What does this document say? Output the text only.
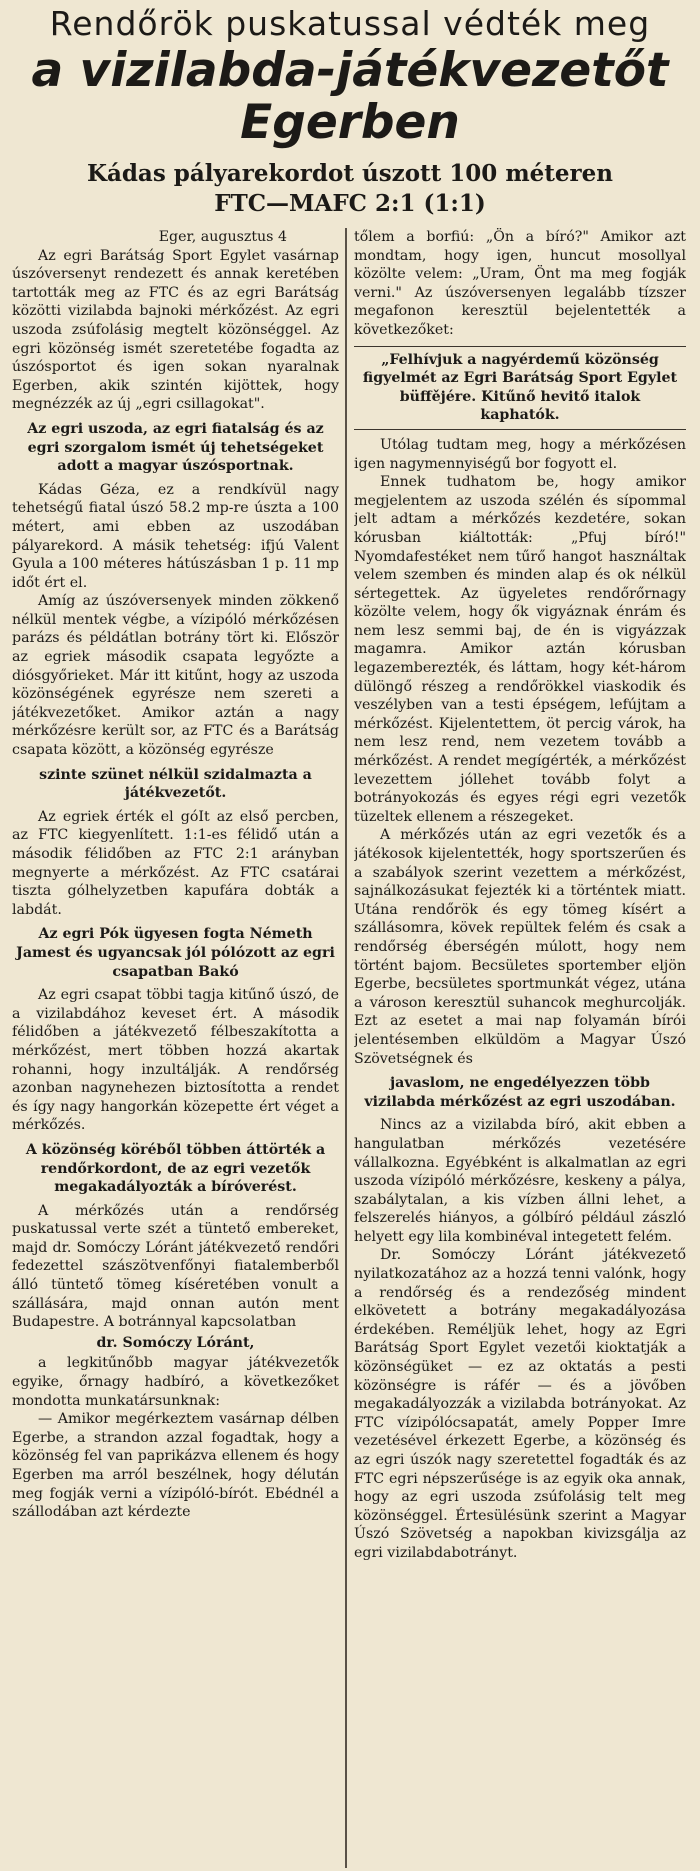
Rendőrök puskatussal védték meg
a vizilabda-játékvezetőt
Egerben
Kádas pályarekordot úszott 100 méteren
FTC—MAFC 2:1 (1:1)

Eger, augusztus 4

Az egri Barátság Sport Egylet vasárnap úszóversenyt rendezett és annak keretében tartották meg az FTC és az egri Barátság közötti vizilabda bajnoki mérkőzést. Az egri uszoda zsúfolásig megtelt közönséggel. Az egri közönség ismét szeretetébe fogadta az úszósportot és igen sokan nyaralnak Egerben, akik szintén kijöttek, hogy megnézzék az új „egri csillagokat".

Az egri uszoda, az egri fiatalság és az egri szorgalom ismét új tehetségeket adott a magyar úszósportnak.

Kádas Géza, ez a rendkívül nagy tehetségű fiatal úszó 58.2 mp-re úszta a 100 métert, ami ebben az uszodában pályarekord. A másik tehetség: ifjú Valent Gyula a 100 méteres hátúszásban 1 p. 11 mp időt ért el.

Amíg az úszóversenyek minden zökkenő nélkül mentek végbe, a vízipóló mérkőzésen parázs és példátlan botrány tört ki. Először az egriek második csapata legyőzte a diósgyőrieket. Már itt kitűnt, hogy az uszoda közönségének egyrésze nem szereti a játékvezetőket. Amikor aztán a nagy mérkőzésre került sor, az FTC és a Barátság csapata között, a közönség egyrésze

szinte szünet nélkül szidalmazta a játékvezetőt.

Az egriek érték el góIt az első percben, az FTC kiegyenlített. 1:1-es félidő után a második félidőben az FTC 2:1 arányban megnyerte a mérkőzést. Az FTC csatárai tiszta gólhelyzetben kapufára dobták a labdát.

Az egri Pók ügyesen fogta Németh Jamest és ugyancsak jól pólózott az egri csapatban Bakó

Az egri csapat többi tagja kitűnő úszó, de a vizilabdához keveset ért. A második félidőben a játékvezető félbeszakította a mérkőzést, mert többen hozzá akartak rohanni, hogy inzultálják. A rendőrség azonban nagynehezen biztosította a rendet és így nagy hangorkán közepette ért véget a mérkőzés.

A közönség köréből többen áttörték a rendőrkordont, de az egri vezetők megakadályozták a bíróverést.

A mérkőzés után a rendőrség puskatussal verte szét a tüntető embereket, majd dr. Somóczy Lóránt játékvezető rendőri fedezettel szászötvenfőnyi fiatalemberből álló tüntető tömeg kíséretében vonult a szállására, majd onnan autón ment Budapestre. A botránnyal kapcsolatban

dr. Somóczy Lóránt,

a legkitűnőbb magyar játékvezetők egyike, őrnagy hadbíró, a következőket mondotta munkatársunknak:

— Amikor megérkeztem vasárnap délben Egerbe, a strandon azzal fogadtak, hogy a közönség fel van paprikázva ellenem és hogy Egerben ma arról beszélnek, hogy délután meg fogják verni a vízipóló-bírót. Ebédnél a szállodában azt kérdezte

tőlem a borfiú: „Ön a bíró?" Amikor azt mondtam, hogy igen, huncut mosollyal közölte velem: „Uram, Önt ma meg fogják verni." Az úszóversenyen legalább tízszer megafonon keresztül bejelentették a következőket:

„Felhívjuk a nagyérdemű közönség figyelmét az Egri Barátság Sport Egylet büffějére. Kitűnő hevitő italok kaphatók.

Utólag tudtam meg, hogy a mérkőzésen igen nagymennyiségű bor fogyott el.

Ennek tudhatom be, hogy amikor megjelentem az uszoda szélén és sípommal jelt adtam a mérkőzés kezdetére, sokan kórusban kiáltották: „Pfuj bíró!" Nyomdafestéket nem tűrő hangot használtak velem szemben és minden alap és ok nélkül sértegettek. Az ügyeletes rendőrőrnagy közölte velem, hogy ők vigyáznak énrám és nem lesz semmi baj, de én is vigyázzak magamra. Amikor aztán kórusban legazemberezték, és láttam, hogy két-három dülöngő részeg a rendőrökkel viaskodik és veszélyben van a testi épségem, lefújtam a mérkőzést. Kijelentettem, öt percig várok, ha nem lesz rend, nem vezetem tovább a mérkőzést. A rendet megígérték, a mérkőzést levezettem jóllehet tovább folyt a botrányokozás és egyes régi egri vezetők tüzeltek ellenem a részegeket.

A mérkőzés után az egri vezetők és a játékosok kijelentették, hogy sportszerűen és a szabályok szerint vezettem a mérkőzést, sajnálkozásukat fejezték ki a történtek miatt. Utána rendőrök és egy tömeg kísért a szállásomra, kövek repültek felém és csak a rendőrség éberségén múlott, hogy nem történt bajom. Becsületes sportember eljön Egerbe, becsületes sportmunkát végez, utána a városon keresztül suhancok meghurcolják. Ezt az esetet a mai nap folyamán bírói jelentésemben elküldöm a Magyar Úszó Szövetségnek és

javaslom, ne engedélyezzen több vizilabda mérkőzést az egri uszodában.

Nincs az a vizilabda bíró, akit ebben a hangulatban mérkőzés vezetésére vállalkozna. Egyébként is alkalmatlan az egri uszoda vízipóló mérkőzésre, keskeny a pálya, szabálytalan, a kis vízben állni lehet, a felszerelés hiányos, a gólbíró például zászló helyett egy lila kombinéval integetett felém.

Dr. Somóczy Lóránt játékvezető nyilatkozatához az a hozzá tenni valónk, hogy a rendőrség és a rendezőség mindent elkövetett a botrány megakadályozása érdekében. Reméljük lehet, hogy az Egri Barátság Sport Egylet vezetői kioktatják a közönségüket — ez az oktatás a pesti közönségre is ráfér — és a jövőben megakadályozzák a vizilabda botrányokat. Az FTC vízipólócsapatát, amely Popper Imre vezetésével érkezett Egerbe, a közönség és az egri úszók nagy szeretettel fogadták és az FTC egri népszerűsége is az egyik oka annak, hogy az egri uszoda zsúfolásig telt meg közönséggel. Értesülésünk szerint a Magyar Úszó Szövetség a napokban kivizsgálja az egri vizilabdabotrányt.
